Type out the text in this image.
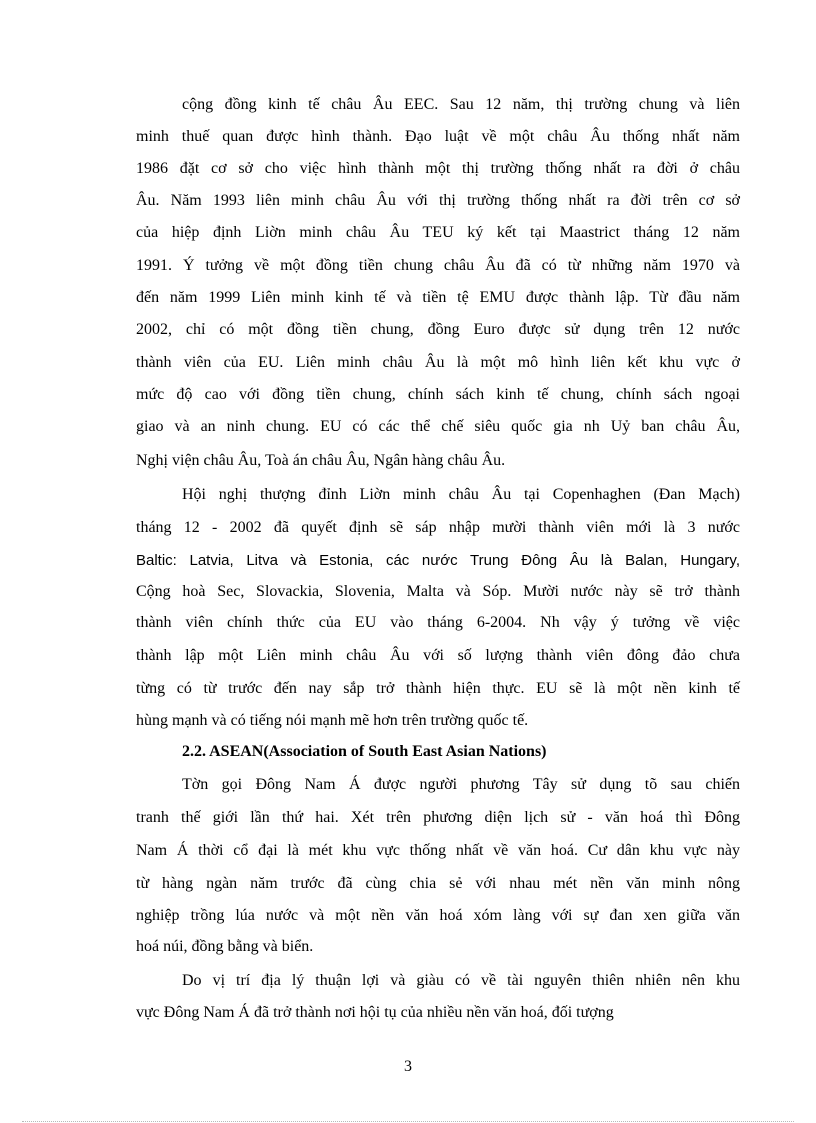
cộng đồng kinh tế châu Âu EEC. Sau 12 năm, thị trường chung và liên
minh thuế quan được hình thành. Đạo luật về một châu Âu thống nhất năm
1986 đặt cơ sở cho việc hình thành một thị trường thống nhất ra đời ở châu
Âu. Năm 1993 liên minh châu Âu với thị trường thống nhất ra đời trên cơ sở
của hiệp định Liờn minh châu Âu TEU ký kết tại Maastrict tháng 12 năm
1991. Ý tưởng về một đồng tiền chung châu Âu đã có từ những năm 1970 và
đến năm 1999 Liên minh kinh tế và tiền tệ EMU được thành lập. Từ đầu năm
2002, chỉ có một đồng tiền chung, đồng Euro được sử dụng trên 12 nước
thành viên của EU. Liên minh châu Âu là một mô hình liên kết khu vực ở
mức độ cao với đồng tiền chung, chính sách kinh tế chung, chính sách ngoại
giao và an ninh chung. EU có các thể chế siêu quốc gia nh Uỷ ban châu Âu,
Nghị viện châu Âu, Toà án châu Âu, Ngân hàng châu Âu.
Hội nghị thượng đỉnh Liờn minh châu Âu tại Copenhaghen (Đan Mạch)
tháng 12 - 2002 đã quyết định sẽ sáp nhập mười thành viên mới là 3 nước
Baltic: Latvia, Litva và Estonia, các nước Trung Đông Âu là Balan, Hungary,
Cộng hoà Sec, Slovackia, Slovenia, Malta và Sóp. Mười nước này sẽ trở thành
thành viên chính thức của EU vào tháng 6-2004. Nh vậy ý tưởng về việc
thành lập một Liên minh châu Âu với số lượng thành viên đông đảo chưa
từng có từ trước đến nay sắp trở thành hiện thực. EU sẽ là một nền kinh tế
hùng mạnh và có tiếng nói mạnh mẽ hơn trên trường quốc tế.
2.2. ASEAN(Association of South East Asian Nations)
Tờn gọi Đông Nam Á được người phương Tây sử dụng tõ sau chiến
tranh thế giới lần thứ hai. Xét trên phương diện lịch sử - văn hoá thì Đông
Nam Á thời cổ đại là mét khu vực thống nhất về văn hoá. Cư dân khu vực này
từ hàng ngàn năm trước đã cùng chia sẻ với nhau mét nền văn minh nông
nghiệp trồng lúa nước và một nền văn hoá xóm làng với sự đan xen giữa văn
hoá núi, đồng bằng và biển.
Do vị trí địa lý thuận lợi và giàu có về tài nguyên thiên nhiên nên khu
vực Đông Nam Á đã trở thành nơi hội tụ của nhiều nền văn hoá, đối tượng
3
